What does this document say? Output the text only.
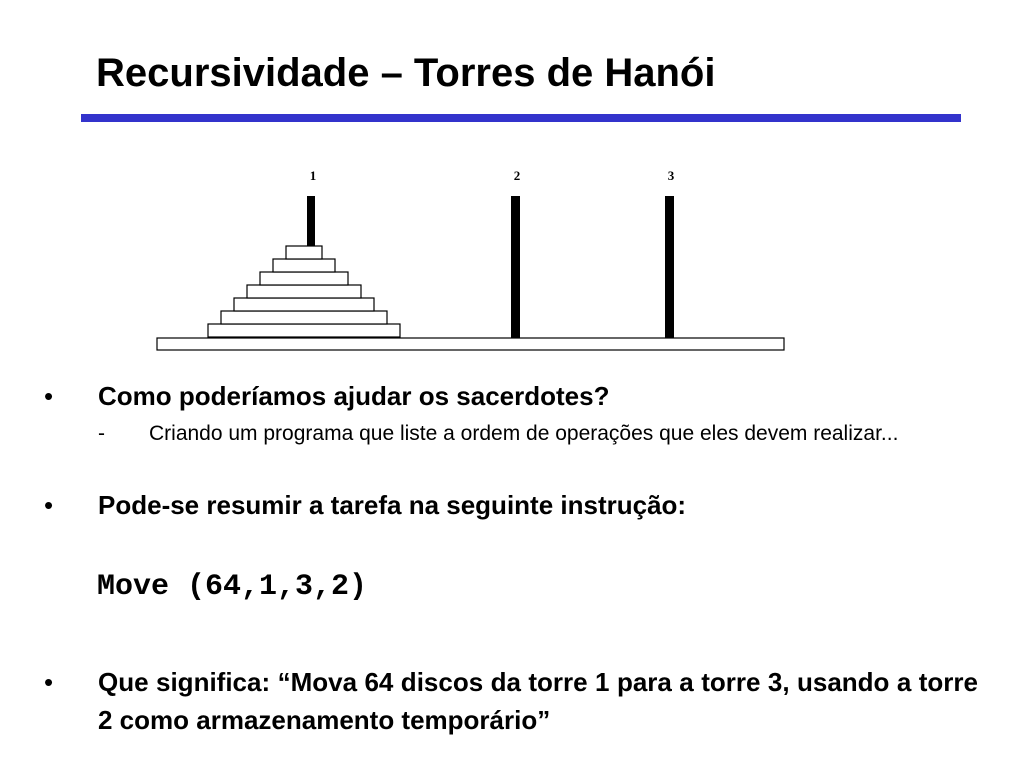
Recursividade – Torres de Hanói
1	2	3
• Como poderíamos ajudar os sacerdotes?
- Criando um programa que liste a ordem de operações que eles devem realizar...
• Pode-se resumir a tarefa na seguinte instrução:
Move (64,1,3,2)
• Que significa: “Mova 64 discos da torre 1 para a torre 3, usando a torre 2 como armazenamento temporário”
